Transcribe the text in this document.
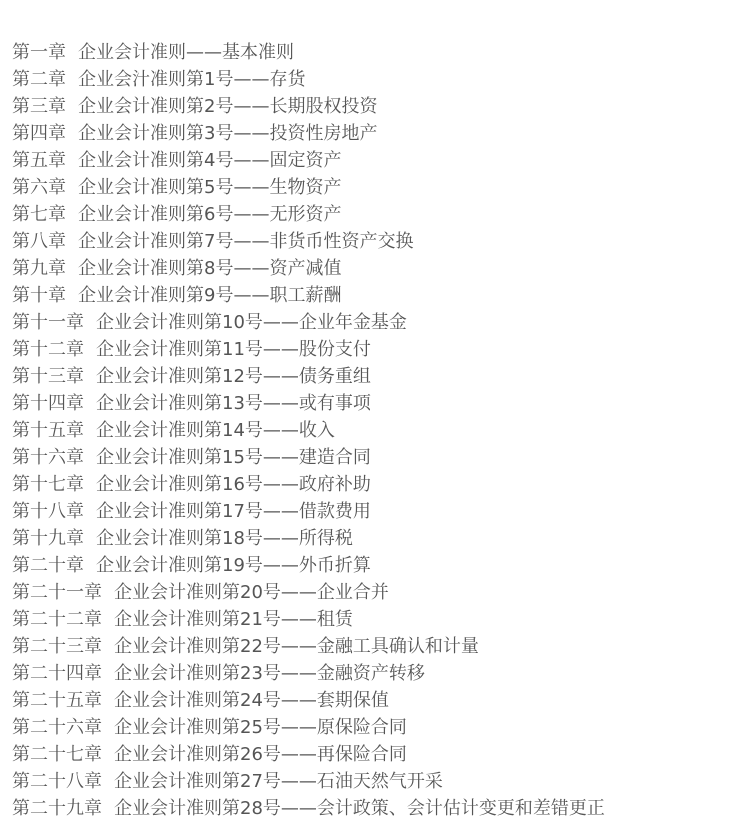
第一章 企业会计准则——基本准则
第二章 企业会汁准则第1号——存货
第三章 企业会计准则第2号——长期股权投资
第四章 企业会计准则第3号——投资性房地产
第五章 企业会计准则第4号——固定资产
第六章 企业会计准则第5号——生物资产
第七章 企业会计准则第6号——无形资产
第八章 企业会计准则第7号——非货币性资产交换
第九章 企业会计准则第8号——资产减值
第十章 企业会计准则第9号——职工薪酬
第十一章 企业会计准则第10号——企业年金基金
第十二章 企业会计准则第11号——股份支付
第十三章 企业会计准则第12号——债务重组
第十四章 企业会计准则第13号——或有事项
第十五章 企业会计准则第14号——收入
第十六章 企业会计准则第15号——建造合同
第十七章 企业会计准则第16号——政府补助
第十八章 企业会计准则第17号——借款费用
第十九章 企业会计准则第18号——所得税
第二十章 企业会计准则第19号——外币折算
第二十一章 企业会计准则第20号——企业合并
第二十二章 企业会计准则第21号——租赁
第二十三章 企业会计准则第22号——金融工具确认和计量
第二十四章 企业会计准则第23号——金融资产转移
第二十五章 企业会计准则第24号——套期保值
第二十六章 企业会计准则第25号——原保险合同
第二十七章 企业会计准则第26号——再保险合同
第二十八章 企业会计准则第27号——石油天然气开采
第二十九章 企业会计准则第28号——会计政策、会计估计变更和差错更正
